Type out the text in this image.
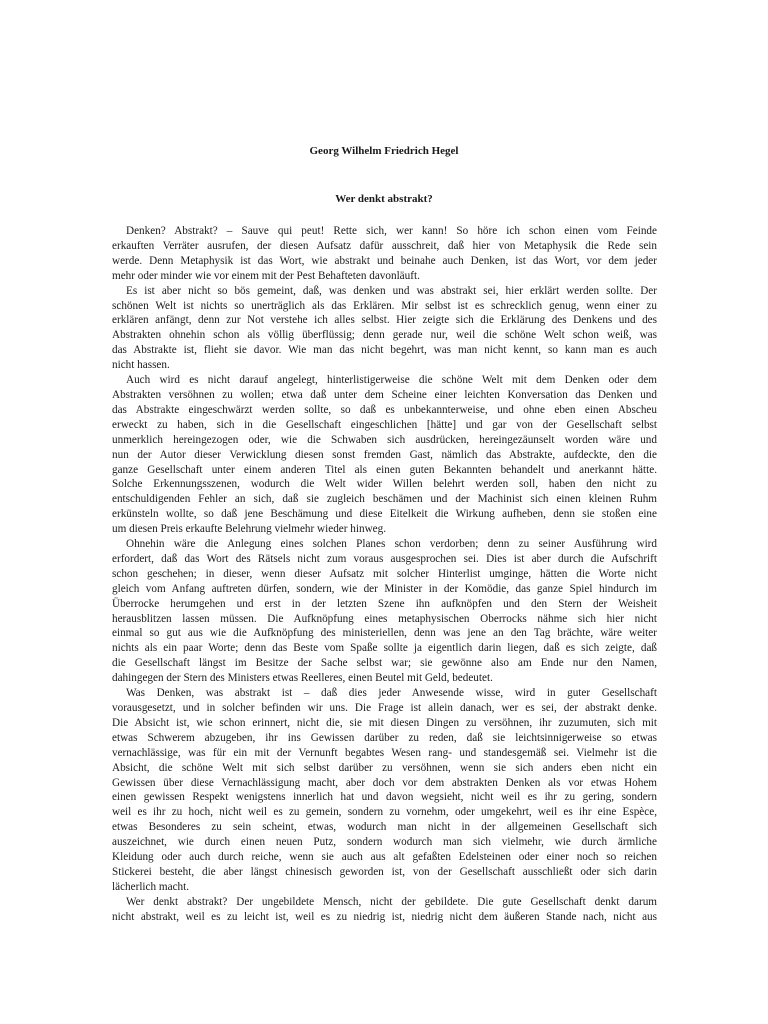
Georg Wilhelm Friedrich Hegel
Wer denkt abstrakt?
Denken? Abstrakt? – Sauve qui peut! Rette sich, wer kann! So höre ich schon einen vom Feinde
erkauften Verräter ausrufen, der diesen Aufsatz dafür ausschreit, daß hier von Metaphysik die Rede sein
werde. Denn Metaphysik ist das Wort, wie abstrakt und beinahe auch Denken, ist das Wort, vor dem jeder
mehr oder minder wie vor einem mit der Pest Behafteten davonläuft.
Es ist aber nicht so bös gemeint, daß, was denken und was abstrakt sei, hier erklärt werden sollte. Der
schönen Welt ist nichts so unerträglich als das Erklären. Mir selbst ist es schrecklich genug, wenn einer zu
erklären anfängt, denn zur Not verstehe ich alles selbst. Hier zeigte sich die Erklärung des Denkens und des
Abstrakten ohnehin schon als völlig überflüssig; denn gerade nur, weil die schöne Welt schon weiß, was
das Abstrakte ist, flieht sie davor. Wie man das nicht begehrt, was man nicht kennt, so kann man es auch
nicht hassen.
Auch wird es nicht darauf angelegt, hinterlistigerweise die schöne Welt mit dem Denken oder dem
Abstrakten versöhnen zu wollen; etwa daß unter dem Scheine einer leichten Konversation das Denken und
das Abstrakte eingeschwärzt werden sollte, so daß es unbekannterweise, und ohne eben einen Abscheu
erweckt zu haben, sich in die Gesellschaft eingeschlichen [hätte] und gar von der Gesellschaft selbst
unmerklich hereingezogen oder, wie die Schwaben sich ausdrücken, hereingezäunselt worden wäre und
nun der Autor dieser Verwicklung diesen sonst fremden Gast, nämlich das Abstrakte, aufdeckte, den die
ganze Gesellschaft unter einem anderen Titel als einen guten Bekannten behandelt und anerkannt hätte.
Solche Erkennungsszenen, wodurch die Welt wider Willen belehrt werden soll, haben den nicht zu
entschuldigenden Fehler an sich, daß sie zugleich beschämen und der Machinist sich einen kleinen Ruhm
erkünsteln wollte, so daß jene Beschämung und diese Eitelkeit die Wirkung aufheben, denn sie stoßen eine
um diesen Preis erkaufte Belehrung vielmehr wieder hinweg.
Ohnehin wäre die Anlegung eines solchen Planes schon verdorben; denn zu seiner Ausführung wird
erfordert, daß das Wort des Rätsels nicht zum voraus ausgesprochen sei. Dies ist aber durch die Aufschrift
schon geschehen; in dieser, wenn dieser Aufsatz mit solcher Hinterlist umginge, hätten die Worte nicht
gleich vom Anfang auftreten dürfen, sondern, wie der Minister in der Komödie, das ganze Spiel hindurch im
Überrocke herumgehen und erst in der letzten Szene ihn aufknöpfen und den Stern der Weisheit
herausblitzen lassen müssen. Die Aufknöpfung eines metaphysischen Oberrocks nähme sich hier nicht
einmal so gut aus wie die Aufknöpfung des ministeriellen, denn was jene an den Tag brächte, wäre weiter
nichts als ein paar Worte; denn das Beste vom Spaße sollte ja eigentlich darin liegen, daß es sich zeigte, daß
die Gesellschaft längst im Besitze der Sache selbst war; sie gewönne also am Ende nur den Namen,
dahingegen der Stern des Ministers etwas Reelleres, einen Beutel mit Geld, bedeutet.
Was Denken, was abstrakt ist – daß dies jeder Anwesende wisse, wird in guter Gesellschaft
vorausgesetzt, und in solcher befinden wir uns. Die Frage ist allein danach, wer es sei, der abstrakt denke.
Die Absicht ist, wie schon erinnert, nicht die, sie mit diesen Dingen zu versöhnen, ihr zuzumuten, sich mit
etwas Schwerem abzugeben, ihr ins Gewissen darüber zu reden, daß sie leichtsinnigerweise so etwas
vernachlässige, was für ein mit der Vernunft begabtes Wesen rang- und standesgemäß sei. Vielmehr ist die
Absicht, die schöne Welt mit sich selbst darüber zu versöhnen, wenn sie sich anders eben nicht ein
Gewissen über diese Vernachlässigung macht, aber doch vor dem abstrakten Denken als vor etwas Hohem
einen gewissen Respekt wenigstens innerlich hat und davon wegsieht, nicht weil es ihr zu gering, sondern
weil es ihr zu hoch, nicht weil es zu gemein, sondern zu vornehm, oder umgekehrt, weil es ihr eine Espèce,
etwas Besonderes zu sein scheint, etwas, wodurch man nicht in der allgemeinen Gesellschaft sich
auszeichnet, wie durch einen neuen Putz, sondern wodurch man sich vielmehr, wie durch ärmliche
Kleidung oder auch durch reiche, wenn sie auch aus alt gefaßten Edelsteinen oder einer noch so reichen
Stickerei besteht, die aber längst chinesisch geworden ist, von der Gesellschaft ausschließt oder sich darin
lächerlich macht.
Wer denkt abstrakt? Der ungebildete Mensch, nicht der gebildete. Die gute Gesellschaft denkt darum
nicht abstrakt, weil es zu leicht ist, weil es zu niedrig ist, niedrig nicht dem äußeren Stande nach, nicht aus
